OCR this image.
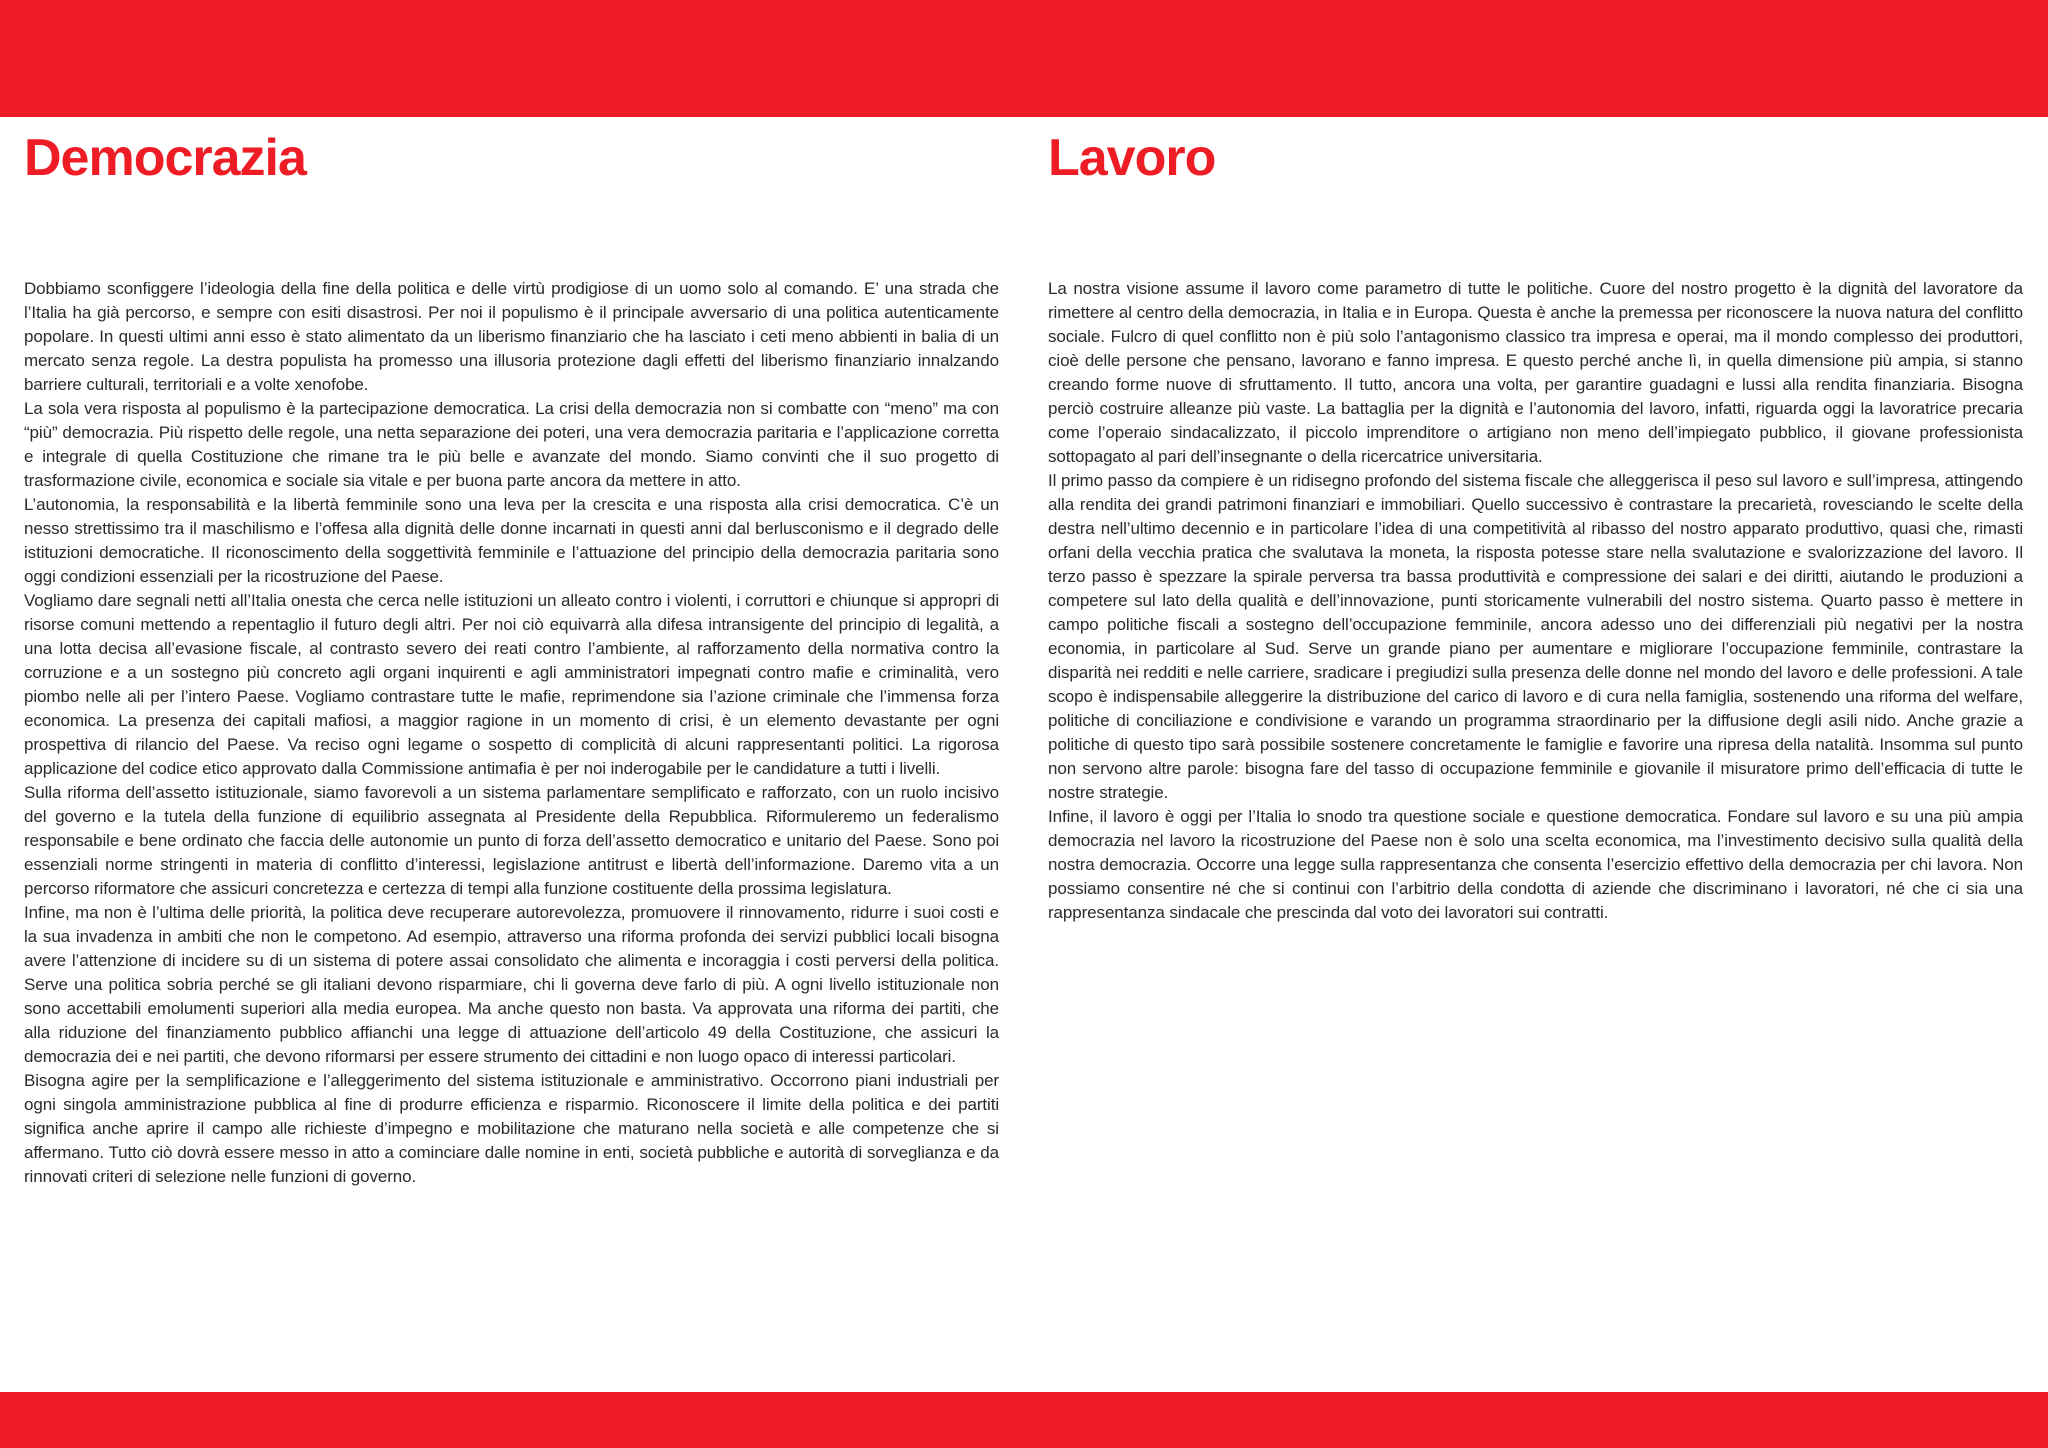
Democrazia

Dobbiamo sconfiggere l’ideologia della fine della politica e delle virtù prodigiose di un uomo solo al comando. E’ una strada che l’Italia ha già percorso, e sempre con esiti disastrosi. Per noi il populismo è il principale avversario di una politica autenticamente popolare. In questi ultimi anni esso è stato alimentato da un liberismo finanziario che ha lasciato i ceti meno abbienti in balia di un mercato senza regole. La destra populista ha promesso una illusoria protezione dagli effetti del liberismo finanziario innalzando barriere culturali, territoriali e a volte xenofobe.

La sola vera risposta al populismo è la partecipazione democratica. La crisi della democrazia non si combatte con “meno” ma con “più” democrazia. Più rispetto delle regole, una netta separazione dei poteri, una vera democrazia paritaria e l’applicazione corretta e integrale di quella Costituzione che rimane tra le più belle e avanzate del mondo. Siamo convinti che il suo progetto di trasformazione civile, economica e sociale sia vitale e per buona parte ancora da mettere in atto.

L’autonomia, la responsabilità e la libertà femminile sono una leva per la crescita e una risposta alla crisi democratica. C’è un nesso strettissimo tra il maschilismo e l’offesa alla dignità delle donne incarnati in questi anni dal berlusconismo e il degrado delle istituzioni democratiche. Il riconoscimento della soggettività femminile e l’attuazione del principio della democrazia paritaria sono oggi condizioni essenziali per la ricostruzione del Paese.

Vogliamo dare segnali netti all’Italia onesta che cerca nelle istituzioni un alleato contro i violenti, i corruttori e chiunque si appropri di risorse comuni mettendo a repentaglio il futuro degli altri. Per noi ciò equivarrà alla difesa intransigente del principio di legalità, a una lotta decisa all’evasione fiscale, al contrasto severo dei reati contro l’ambiente, al rafforzamento della normativa contro la corruzione e a un sostegno più concreto agli organi inquirenti e agli amministratori impegnati contro mafie e criminalità, vero piombo nelle ali per l’intero Paese. Vogliamo contrastare tutte le mafie, reprimendone sia l’azione criminale che l’immensa forza economica. La presenza dei capitali mafiosi, a maggior ragione in un momento di crisi, è un elemento devastante per ogni prospettiva di rilancio del Paese. Va reciso ogni legame o sospetto di complicità di alcuni rappresentanti politici. La rigorosa applicazione del codice etico approvato dalla Commissione antimafia è per noi inderogabile per le candidature a tutti i livelli.

Sulla riforma dell’assetto istituzionale, siamo favorevoli a un sistema parlamentare semplificato e rafforzato, con un ruolo incisivo del governo e la tutela della funzione di equilibrio assegnata al Presidente della Repubblica. Riformuleremo un federalismo responsabile e bene ordinato che faccia delle autonomie un punto di forza dell’assetto democratico e unitario del Paese. Sono poi essenziali norme stringenti in materia di conflitto d’interessi, legislazione antitrust e libertà dell’informazione. Daremo vita a un percorso riformatore che assicuri concretezza e certezza di tempi alla funzione costituente della prossima legislatura.

Infine, ma non è l’ultima delle priorità, la politica deve recuperare autorevolezza, promuovere il rinnovamento, ridurre i suoi costi e la sua invadenza in ambiti che non le competono. Ad esempio, attraverso una riforma profonda dei servizi pubblici locali bisogna avere l’attenzione di incidere su di un sistema di potere assai consolidato che alimenta e incoraggia i costi perversi della politica. Serve una politica sobria perché se gli italiani devono risparmiare, chi li governa deve farlo di più. A ogni livello istituzionale non sono accettabili emolumenti superiori alla media europea. Ma anche questo non basta. Va approvata una riforma dei partiti, che alla riduzione del finanziamento pubblico affianchi una legge di attuazione dell’articolo 49 della Costituzione, che assicuri la democrazia dei e nei partiti, che devono riformarsi per essere strumento dei cittadini e non luogo opaco di interessi particolari.

Bisogna agire per la semplificazione e l’alleggerimento del sistema istituzionale e amministrativo. Occorrono piani industriali per ogni singola amministrazione pubblica al fine di produrre efficienza e risparmio. Riconoscere il limite della politica e dei partiti significa anche aprire il campo alle richieste d’impegno e mobilitazione che maturano nella società e alle competenze che si affermano. Tutto ciò dovrà essere messo in atto a cominciare dalle nomine in enti, società pubbliche e autorità di sorveglianza e da rinnovati criteri di selezione nelle funzioni di governo.

Lavoro

La nostra visione assume il lavoro come parametro di tutte le politiche. Cuore del nostro progetto è la dignità del lavoratore da rimettere al centro della democrazia, in Italia e in Europa. Questa è anche la premessa per riconoscere la nuova natura del conflitto sociale. Fulcro di quel conflitto non è più solo l’antagonismo classico tra impresa e operai, ma il mondo complesso dei produttori, cioè delle persone che pensano, lavorano e fanno impresa. E questo perché anche lì, in quella dimensione più ampia, si stanno creando forme nuove di sfruttamento. Il tutto, ancora una volta, per garantire guadagni e lussi alla rendita finanziaria. Bisogna perciò costruire alleanze più vaste. La battaglia per la dignità e l’autonomia del lavoro, infatti, riguarda oggi la lavoratrice precaria come l’operaio sindacalizzato, il piccolo imprenditore o artigiano non meno dell’impiegato pubblico, il giovane professionista sottopagato al pari dell’insegnante o della ricercatrice universitaria.

Il primo passo da compiere è un ridisegno profondo del sistema fiscale che alleggerisca il peso sul lavoro e sull’impresa, attingendo alla rendita dei grandi patrimoni finanziari e immobiliari. Quello successivo è contrastare la precarietà, rovesciando le scelte della destra nell’ultimo decennio e in particolare l’idea di una competitività al ribasso del nostro apparato produttivo, quasi che, rimasti orfani della vecchia pratica che svalutava la moneta, la risposta potesse stare nella svalutazione e svalorizzazione del lavoro. Il terzo passo è spezzare la spirale perversa tra bassa produttività e compressione dei salari e dei diritti, aiutando le produzioni a competere sul lato della qualità e dell’innovazione, punti storicamente vulnerabili del nostro sistema. Quarto passo è mettere in campo politiche fiscali a sostegno dell’occupazione femminile, ancora adesso uno dei differenziali più negativi per la nostra economia, in particolare al Sud. Serve un grande piano per aumentare e migliorare l’occupazione femminile, contrastare la disparità nei redditi e nelle carriere, sradicare i pregiudizi sulla presenza delle donne nel mondo del lavoro e delle professioni. A tale scopo è indispensabile alleggerire la distribuzione del carico di lavoro e di cura nella famiglia, sostenendo una riforma del welfare, politiche di conciliazione e condivisione e varando un programma straordinario per la diffusione degli asili nido. Anche grazie a politiche di questo tipo sarà possibile sostenere concretamente le famiglie e favorire una ripresa della natalità. Insomma sul punto non servono altre parole: bisogna fare del tasso di occupazione femminile e giovanile il misuratore primo dell’efficacia di tutte le nostre strategie.

Infine, il lavoro è oggi per l’Italia lo snodo tra questione sociale e questione democratica. Fondare sul lavoro e su una più ampia democrazia nel lavoro la ricostruzione del Paese non è solo una scelta economica, ma l’investimento decisivo sulla qualità della nostra democrazia. Occorre una legge sulla rappresentanza che consenta l’esercizio effettivo della democrazia per chi lavora. Non possiamo consentire né che si continui con l’arbitrio della condotta di aziende che discriminano i lavoratori, né che ci sia una rappresentanza sindacale che prescinda dal voto dei lavoratori sui contratti.
